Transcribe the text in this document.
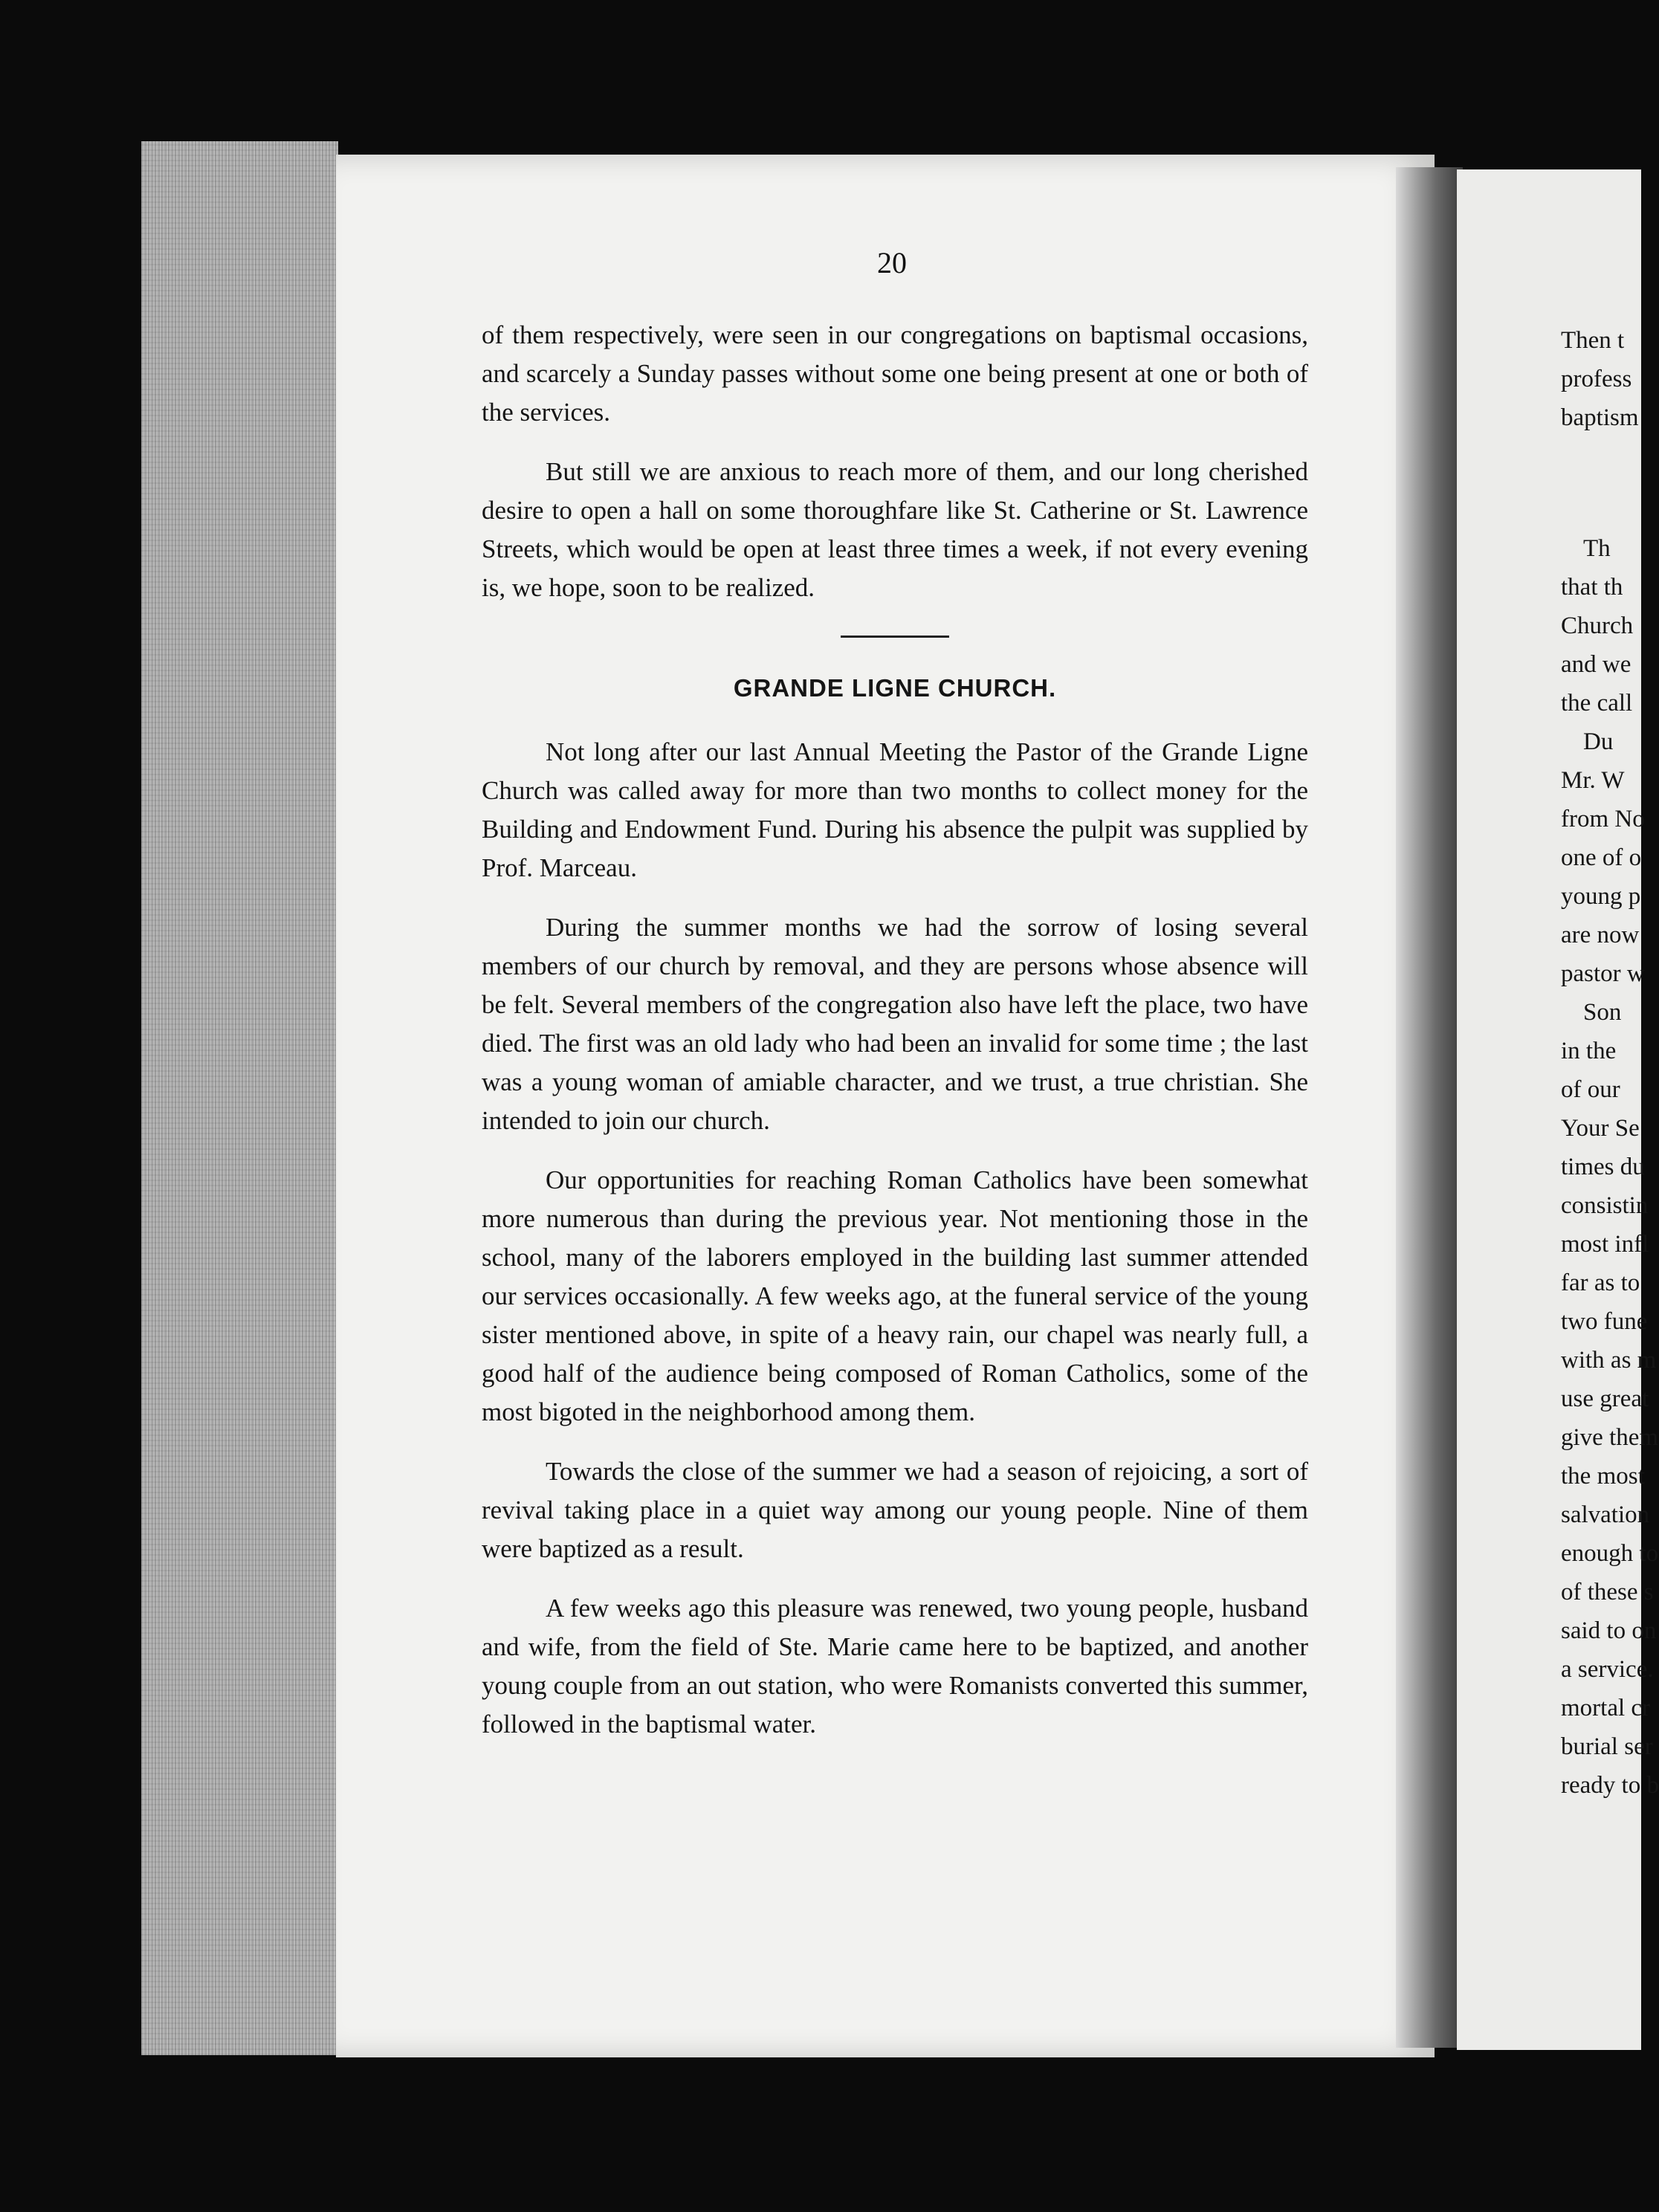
20

of them respectively, were seen in our congregations on baptismal occasions, and scarcely a Sunday passes without some one being present at one or both of the services.

But still we are anxious to reach more of them, and our long cherished desire to open a hall on some thoroughfare like St. Catherine or St. Lawrence Streets, which would be open at least three times a week, if not every evening is, we hope, soon to be realized.

GRANDE LIGNE CHURCH.

Not long after our last Annual Meeting the Pastor of the Grande Ligne Church was called away for more than two months to collect money for the Building and Endowment Fund. During his absence the pulpit was supplied by Prof. Marceau.

During the summer months we had the sorrow of losing several members of our church by removal, and they are persons whose absence will be felt. Several members of the congregation also have left the place, two have died. The first was an old lady who had been an invalid for some time ; the last was a young woman of amiable character, and we trust, a true christian. She intended to join our church.

Our opportunities for reaching Roman Catholics have been somewhat more numerous than during the previous year. Not mentioning those in the school, many of the laborers employed in the building last summer attended our services occasionally. A few weeks ago, at the funeral service of the young sister mentioned above, in spite of a heavy rain, our chapel was nearly full, a good half of the audience being composed of Roman Catholics, some of the most bigoted in the neighborhood among them.

Towards the close of the summer we had a season of rejoicing, a sort of revival taking place in a quiet way among our young people. Nine of them were baptized as a result.

A few weeks ago this pleasure was renewed, two young people, husband and wife, from the field of Ste. Marie came here to be baptized, and another young couple from an out station, who were Romanists converted this summer, followed in the baptismal water.

Then t
profess
baptism
Th
that th
Church
and we
the call
Du
Mr. W
from No
one of o
young p
are now
pastor w
Son
in the
of our
Your Se
times du
consistin
most infl
far as to
two fune
with as m
use great
give them
the most
salvation
enough to
of these s
said to on
a service.
mortal cr
burial ser
ready to b
